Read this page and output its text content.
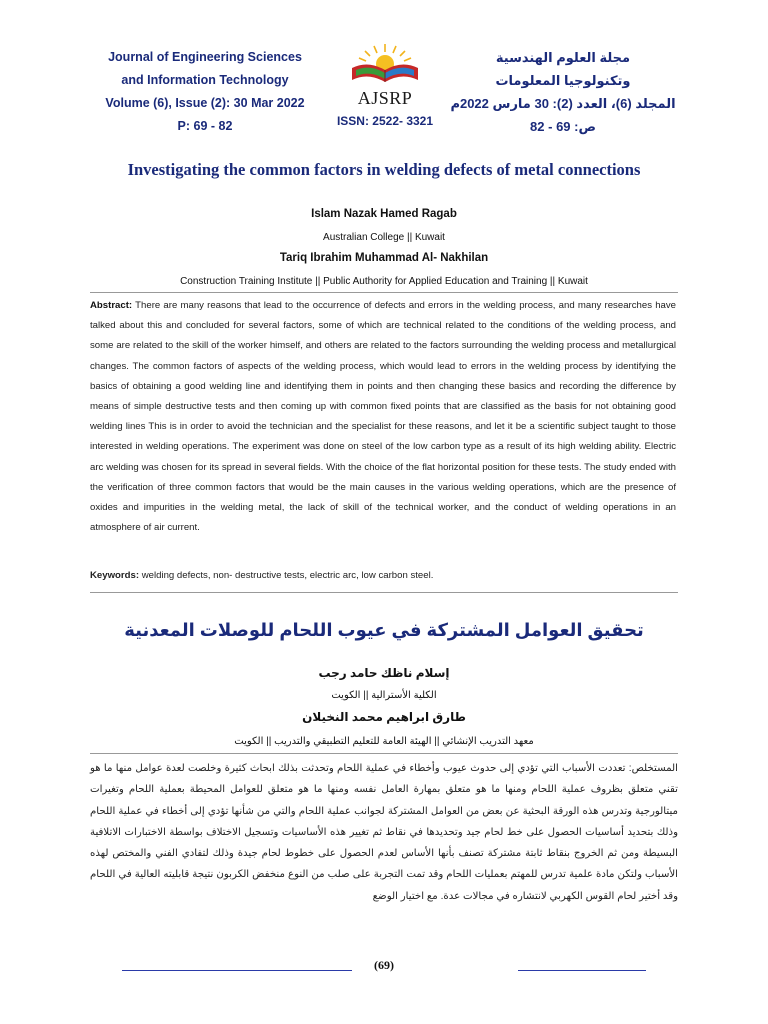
Journal of Engineering Sciences
and Information Technology
Volume (6), Issue (2): 30 Mar 2022
P: 69 - 82
AJSRP
ISSN: 2522- 3321
مجلة العلوم الهندسية
وتكنولوجيا المعلومات
المجلد (6)، العدد (2): 30 مارس 2022م
ص: 69 - 82
Investigating the common factors in welding defects of metal connections
Islam Nazak Hamed Ragab
Australian College || Kuwait
Tariq Ibrahim Muhammad Al- Nakhilan
Construction Training Institute || Public Authority for Applied Education and Training || Kuwait
Abstract: There are many reasons that lead to the occurrence of defects and errors in the welding process, and many researches have talked about this and concluded for several factors, some of which are technical related to the conditions of the welding process, and some are related to the skill of the worker himself, and others are related to the factors surrounding the welding process and metallurgical changes. The common factors of aspects of the welding process, which would lead to errors in the welding process by identifying the basics of obtaining a good welding line and identifying them in points and then changing these basics and recording the difference by means of simple destructive tests and then coming up with common fixed points that are classified as the basis for not obtaining good welding lines This is in order to avoid the technician and the specialist for these reasons, and let it be a scientific subject taught to those interested in welding operations. The experiment was done on steel of the low carbon type as a result of its high welding ability. Electric arc welding was chosen for its spread in several fields. With the choice of the flat horizontal position for these tests. The study ended with the verification of three common factors that would be the main causes in the various welding operations, which are the presence of oxides and impurities in the welding metal, the lack of skill of the technical worker, and the conduct of welding operations in an atmosphere of air current.
Keywords: welding defects, non- destructive tests, electric arc, low carbon steel.
تحقيق العوامل المشتركة في عيوب اللحام للوصلات المعدنية
إسلام ناظك حامد رجب
الكلية الأسترالية || الكويت
طارق ابراهيم محمد النخيلان
معهد التدريب الإنشائي || الهيئة العامة للتعليم التطبيقي والتدريب || الكويت
المستخلص: تعددت الأسباب التي تؤدي إلى حدوث عيوب وأخطاء في عملية اللحام وتحدثت بذلك ابحاث كثيرة وخلصت لعدة عوامل منها ما هو تقني متعلق بظروف عملية اللحام ومنها ما هو متعلق بمهارة العامل نفسه ومنها ما هو متعلق للعوامل المحيطة بعملية اللحام وتغيرات ميتالورجية وتدرس هذه الورقة البحثية عن بعض من العوامل المشتركة لجوانب عملية اللحام والتي من شأنها تؤدي إلى أخطاء في عملية اللحام وذلك بتحديد أساسيات الحصول على خط لحام جيد وتحديدها في نقاط ثم تغيير هذه الأساسيات وتسجيل الاختلاف بواسطة الاختبارات الاتلافية البسيطة ومن ثم الخروج بنقاط ثابتة مشتركة تصنف بأنها الأساس لعدم الحصول على خطوط لحام جيدة وذلك لتفادي الفني والمختص لهذه الأسباب ولتكن مادة علمية تدرس للمهتم بعمليات اللحام وقد تمت التجربة على صلب من النوع منخفض الكربون نتيجة قابليته العالية في اللحام وقد أختير لحام القوس الكهربي لانتشاره في مجالات عدة. مع اختيار الوضع
(69)
